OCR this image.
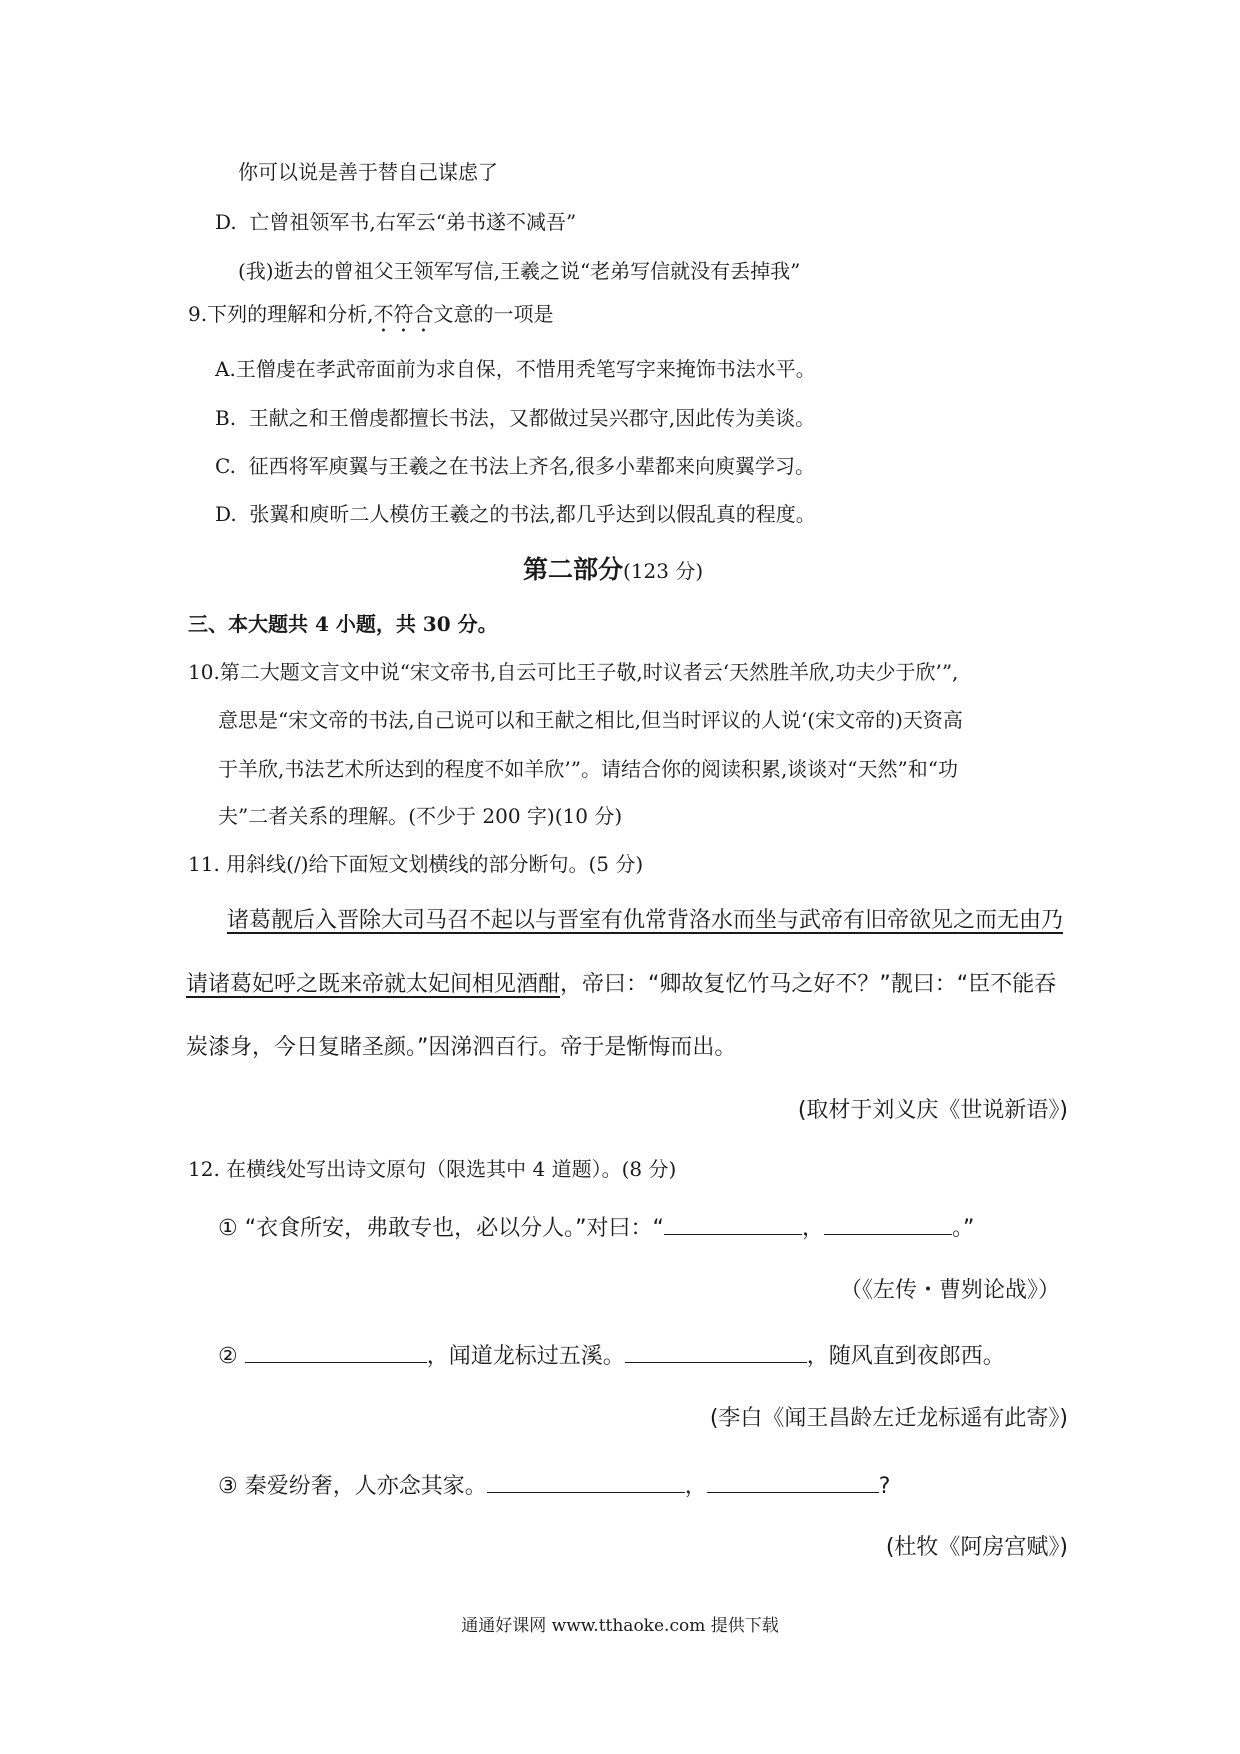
你可以说是善于替自己谋虑了
D. 亡曾祖领军书,右军云“弟书遂不减吾”
(我)逝去的曾祖父王领军写信,王羲之说“老弟写信就没有丢掉我”
9.下列的理解和分析,不符合文意的一项是
A.王僧虔在孝武帝面前为求自保，不惜用秃笔写字来掩饰书法水平。
B. 王献之和王僧虔都擅长书法，又都做过吴兴郡守,因此传为美谈。
C. 征西将军庾翼与王羲之在书法上齐名,很多小辈都来向庾翼学习。
D. 张翼和庾昕二人模仿王羲之的书法,都几乎达到以假乱真的程度。
第二部分(123 分)
三、本大题共 4 小题，共 30 分。
10.第二大题文言文中说“宋文帝书,自云可比王子敬,时议者云‘天然胜羊欣,功夫少于欣’”,
意思是“宋文帝的书法,自己说可以和王献之相比,但当时评议的人说‘(宋文帝的)天资高
于羊欣,书法艺术所达到的程度不如羊欣’”。请结合你的阅读积累,谈谈对“天然”和“功
夫”二者关系的理解。(不少于 200 字)(10 分)
11. 用斜线(/)给下面短文划横线的部分断句。(5 分)
诸葛靓后入晋除大司马召不起以与晋室有仇常背洛水而坐与武帝有旧帝欲见之而无由乃
请诸葛妃呼之既来帝就太妃间相见酒酣，帝曰：“卿故复忆竹马之好不？”靓曰：“臣不能吞
炭漆身，今日复睹圣颜。”因涕泗百行。帝于是惭悔而出。
(取材于刘义庆《世说新语》)
12. 在横线处写出诗文原句（限选其中 4 道题）。(8 分)
① “衣食所安，弗敢专也，必以分人。”对曰：“	，	。”
（《左传・曹刿论战》）
②	，闻道龙标过五溪。	，随风直到夜郎西。
(李白《闻王昌龄左迁龙标遥有此寄》)
③ 秦爱纷奢，人亦念其家。	，	?
(杜牧《阿房宫赋》)
通通好课网 www.tthaoke.com 提供下载
